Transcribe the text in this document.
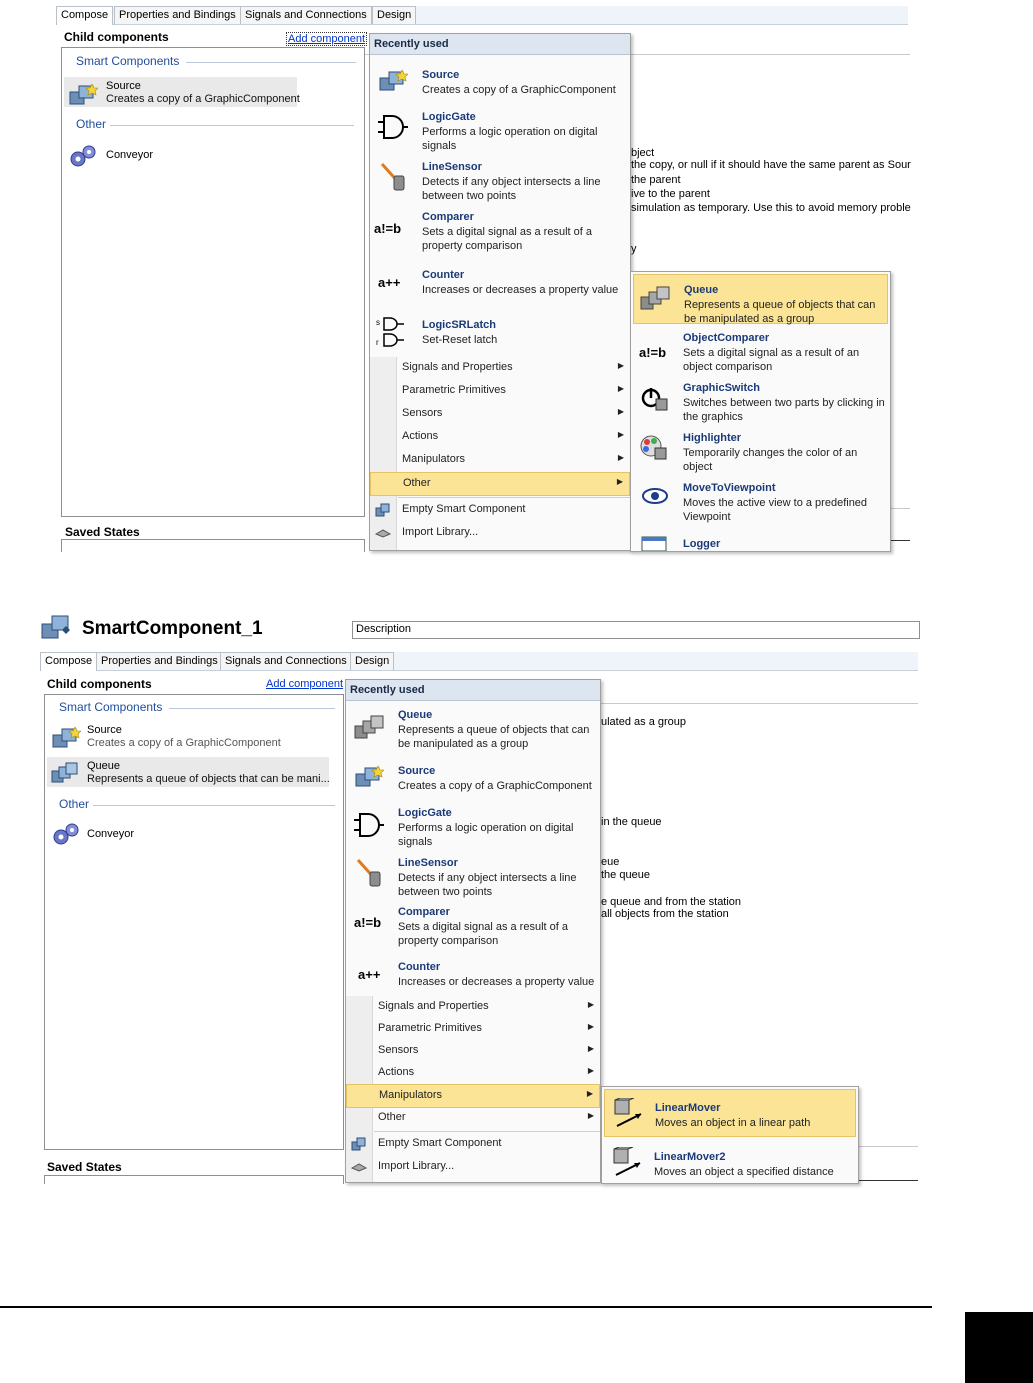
Compose Properties and Bindings Signals and Connections Design
Child components	Add component
Smart Components
Source
Creates a copy of a GraphicComponent
Other
Conveyor
Saved States
bject
the copy, or null if it should have the same parent as Sour
the parent
ive to the parent
simulation as temporary. Use this to avoid memory proble
y
Recently used
Source
Creates a copy of a GraphicComponent
LogicGate
Performs a logic operation on digital signals
LineSensor
Detects if any object intersects a line between two points
a!=b
Comparer
Sets a digital signal as a result of a property comparison
a++ Counter
Increases or decreases a property value
s
r
LogicSRLatch
Set-Reset latch
Signals and Properties	▶
Parametric Primitives	▶
Sensors	▶
Actions	▶
Manipulators	▶
Other	▶
Empty Smart Component
Import Library...
Queue
Represents a queue of objects that can be manipulated as a group
a!=b
ObjectComparer
Sets a digital signal as a result of an object comparison
GraphicSwitch
Switches between two parts by clicking in the graphics
Highlighter
Temporarily changes the color of an object
MoveToViewpoint
Moves the active view to a predefined Viewpoint
Logger
SmartComponent_1	Description
Compose Properties and Bindings Signals and Connections Design
Child components	Add component
Smart Components
Source
Creates a copy of a GraphicComponent
Queue
Represents a queue of objects that can be mani...
Other
Conveyor
Saved States
ulated as a group
in the queue
eue
the queue
e queue and from the station
all objects from the station
Recently used
Queue
Represents a queue of objects that can be manipulated as a group
Source
Creates a copy of a GraphicComponent
LogicGate
Performs a logic operation on digital signals
LineSensor
Detects if any object intersects a line between two points
a!=b
Comparer
Sets a digital signal as a result of a property comparison
a++ Counter
Increases or decreases a property value
Signals and Properties	▶
Parametric Primitives	▶
Sensors	▶
Actions	▶
Manipulators	▶
Other	▶
Empty Smart Component
Import Library...
LinearMover
Moves an object in a linear path
LinearMover2
Moves an object a specified distance
